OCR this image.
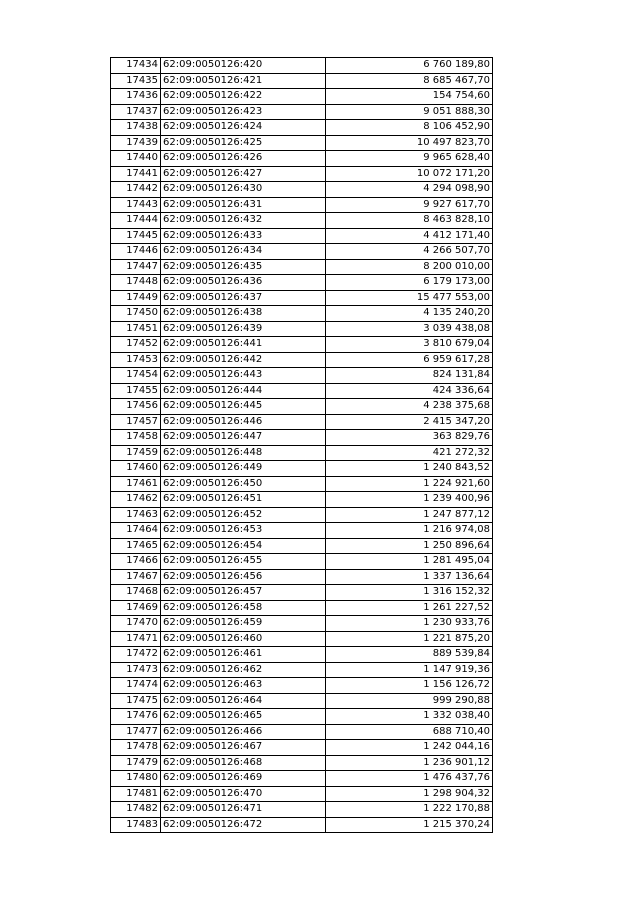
17434	62:09:0050126:420	6 760 189,80
17435	62:09:0050126:421	8 685 467,70
17436	62:09:0050126:422	154 754,60
17437	62:09:0050126:423	9 051 888,30
17438	62:09:0050126:424	8 106 452,90
17439	62:09:0050126:425	10 497 823,70
17440	62:09:0050126:426	9 965 628,40
17441	62:09:0050126:427	10 072 171,20
17442	62:09:0050126:430	4 294 098,90
17443	62:09:0050126:431	9 927 617,70
17444	62:09:0050126:432	8 463 828,10
17445	62:09:0050126:433	4 412 171,40
17446	62:09:0050126:434	4 266 507,70
17447	62:09:0050126:435	8 200 010,00
17448	62:09:0050126:436	6 179 173,00
17449	62:09:0050126:437	15 477 553,00
17450	62:09:0050126:438	4 135 240,20
17451	62:09:0050126:439	3 039 438,08
17452	62:09:0050126:441	3 810 679,04
17453	62:09:0050126:442	6 959 617,28
17454	62:09:0050126:443	824 131,84
17455	62:09:0050126:444	424 336,64
17456	62:09:0050126:445	4 238 375,68
17457	62:09:0050126:446	2 415 347,20
17458	62:09:0050126:447	363 829,76
17459	62:09:0050126:448	421 272,32
17460	62:09:0050126:449	1 240 843,52
17461	62:09:0050126:450	1 224 921,60
17462	62:09:0050126:451	1 239 400,96
17463	62:09:0050126:452	1 247 877,12
17464	62:09:0050126:453	1 216 974,08
17465	62:09:0050126:454	1 250 896,64
17466	62:09:0050126:455	1 281 495,04
17467	62:09:0050126:456	1 337 136,64
17468	62:09:0050126:457	1 316 152,32
17469	62:09:0050126:458	1 261 227,52
17470	62:09:0050126:459	1 230 933,76
17471	62:09:0050126:460	1 221 875,20
17472	62:09:0050126:461	889 539,84
17473	62:09:0050126:462	1 147 919,36
17474	62:09:0050126:463	1 156 126,72
17475	62:09:0050126:464	999 290,88
17476	62:09:0050126:465	1 332 038,40
17477	62:09:0050126:466	688 710,40
17478	62:09:0050126:467	1 242 044,16
17479	62:09:0050126:468	1 236 901,12
17480	62:09:0050126:469	1 476 437,76
17481	62:09:0050126:470	1 298 904,32
17482	62:09:0050126:471	1 222 170,88
17483	62:09:0050126:472	1 215 370,24
